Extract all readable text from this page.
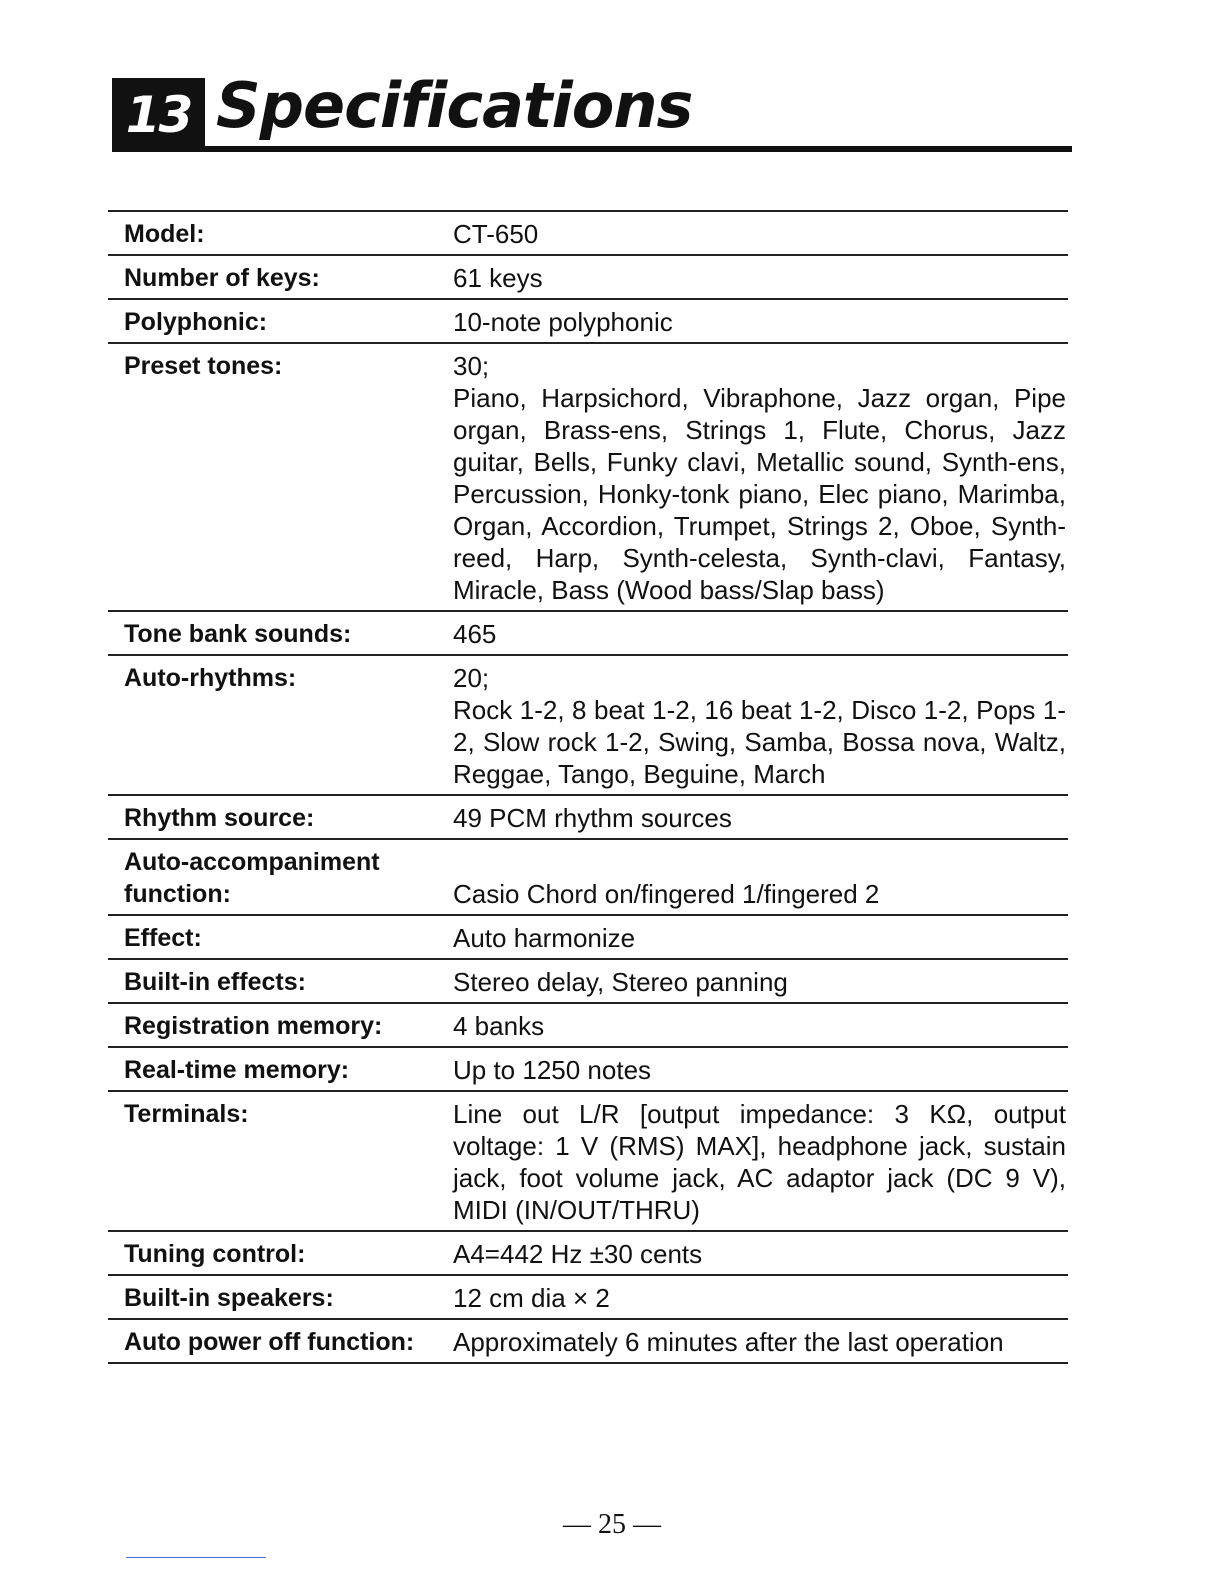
13 Specifications
Model:	CT-650
Number of keys:	61 keys
Polyphonic:	10-note polyphonic
Preset tones:	30;
Piano, Harpsichord, Vibraphone, Jazz organ, Pipe organ, Brass-ens, Strings 1, Flute, Chorus, Jazz guitar, Bells, Funky clavi, Metallic sound, Synth-ens, Percussion, Honky-tonk piano, Elec piano, Marimba, Organ, Accordion, Trumpet, Strings 2, Oboe, Synth-reed, Harp, Synth-celesta, Synth-clavi, Fantasy, Miracle, Bass (Wood bass/Slap bass)
Tone bank sounds:	465
Auto-rhythms:	20;
Rock 1-2, 8 beat 1-2, 16 beat 1-2, Disco 1-2, Pops 1-2, Slow rock 1-2, Swing, Samba, Bossa nova, Waltz, Reggae, Tango, Beguine, March
Rhythm source:	49 PCM rhythm sources
Auto-accompaniment
function:	Casio Chord on/fingered 1/fingered 2
Effect:	Auto harmonize
Built-in effects:	Stereo delay, Stereo panning
Registration memory:	4 banks
Real-time memory:	Up to 1250 notes
Terminals:	Line out L/R [output impedance: 3 KΩ, output voltage: 1 V (RMS) MAX], headphone jack, sustain jack, foot volume jack, AC adaptor jack (DC 9 V), MIDI (IN/OUT/THRU)
Tuning control:	A4=442 Hz ±30 cents
Built-in speakers:	12 cm dia × 2
Auto power off function:	Approximately 6 minutes after the last operation
— 25 —
